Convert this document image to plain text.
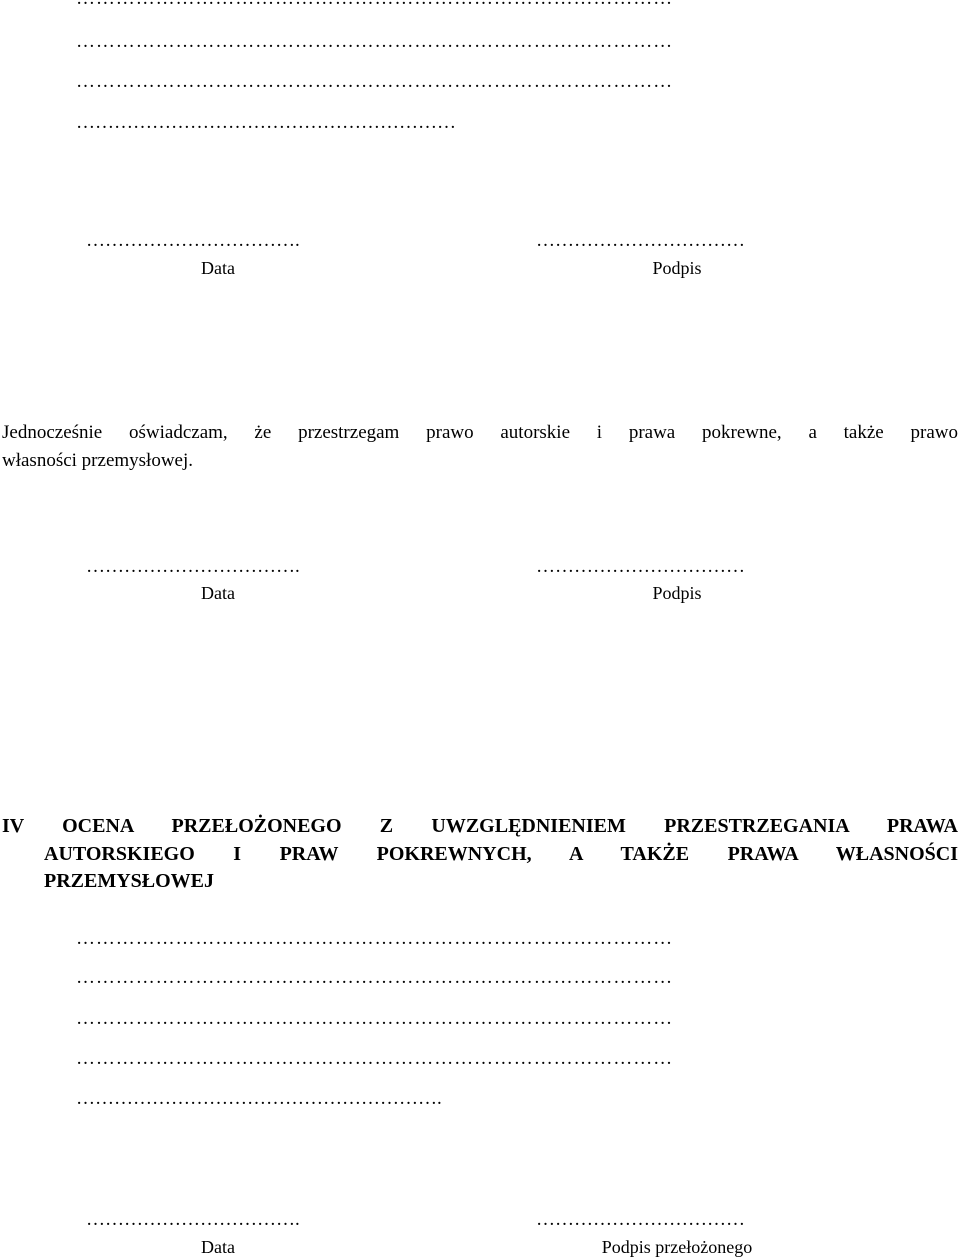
………………………………………………………………………………
………………………………………………………………………………
……………………………………………………
…………………………….	……………………………
Data	Podpis
Jednocześnie oświadczam, że przestrzegam prawo autorskie i prawa pokrewne, a także prawo
własności przemysłowej.
…………………………….	……………………………
Data	Podpis
IV OCENA PRZEŁOŻONEGO Z UWZGLĘDNIENIEM PRZESTRZEGANIA PRAWA
AUTORSKIEGO I PRAW POKREWNYCH, A TAKŻE PRAWA WŁASNOŚCI
PRZEMYSŁOWEJ
………………………………………………………………………………
………………………………………………………………………………
………………………………………………………………………………
………………………………………………………………………………
………………………………………………….
…………………………….	……………………………
Data	Podpis przełożonego
